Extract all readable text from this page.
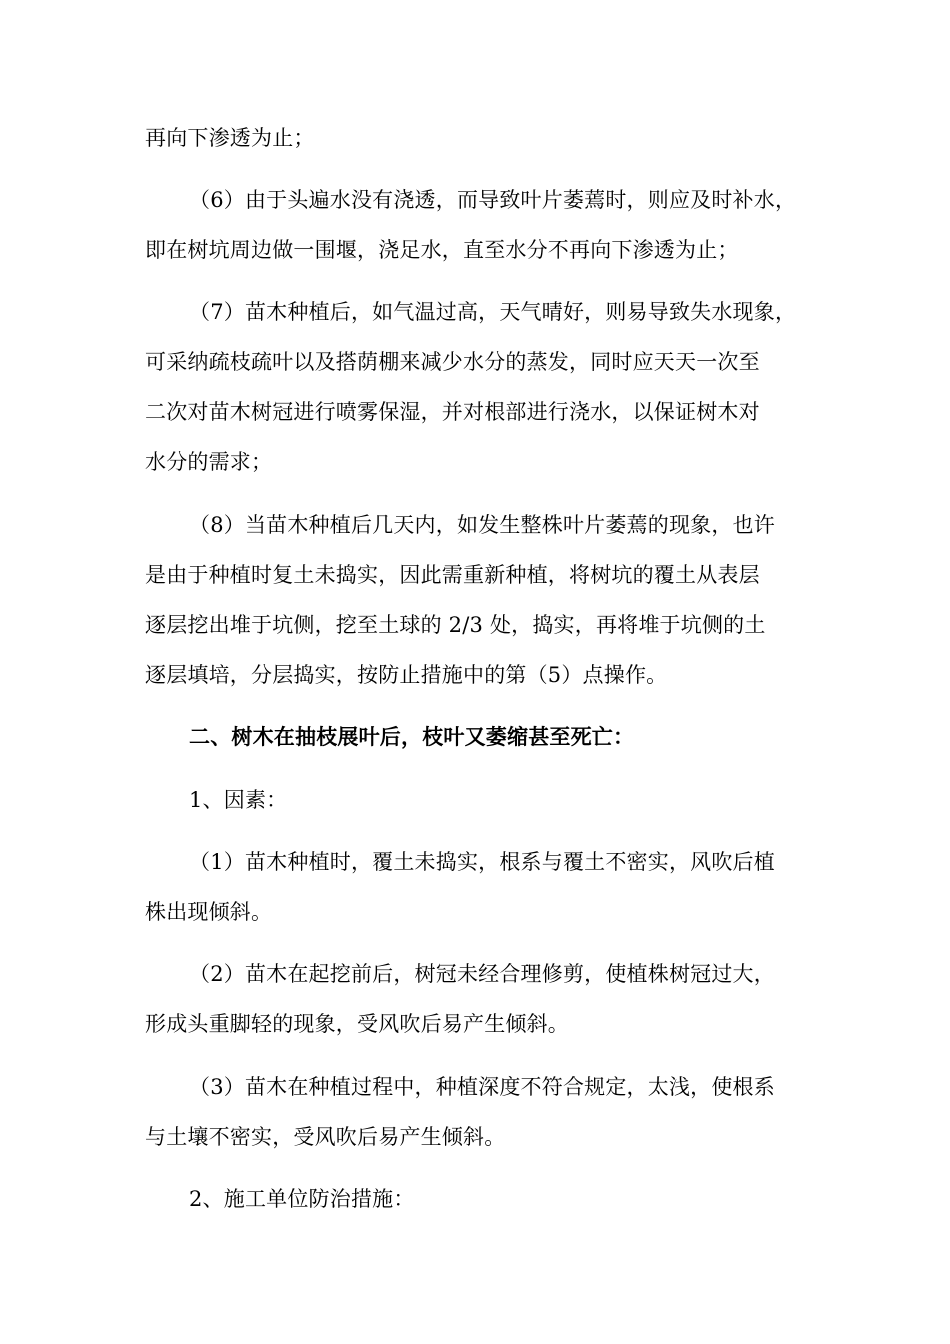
再向下渗透为止；
（6）由于头遍水没有浇透，而导致叶片萎蔫时，则应及时补水，
即在树坑周边做一围堰，浇足水，直至水分不再向下渗透为止；
（7）苗木种植后，如气温过高，天气晴好，则易导致失水现象，
可采纳疏枝疏叶以及搭荫棚来减少水分的蒸发，同时应天天一次至
二次对苗木树冠进行喷雾保湿，并对根部进行浇水，以保证树木对
水分的需求；
（8）当苗木种植后几天内，如发生整株叶片萎蔫的现象，也许
是由于种植时复土未捣实，因此需重新种植，将树坑的覆土从表层
逐层挖出堆于坑侧，挖至土球的 2/3 处，捣实，再将堆于坑侧的土
逐层填培，分层捣实，按防止措施中的第（5）点操作。
二、树木在抽枝展叶后，枝叶又萎缩甚至死亡：
1、因素：
（1）苗木种植时，覆土未捣实，根系与覆土不密实，风吹后植
株出现倾斜。
（2）苗木在起挖前后，树冠未经合理修剪，使植株树冠过大，
形成头重脚轻的现象，受风吹后易产生倾斜。
（3）苗木在种植过程中，种植深度不符合规定，太浅，使根系
与土壤不密实，受风吹后易产生倾斜。
2、施工单位防治措施：
